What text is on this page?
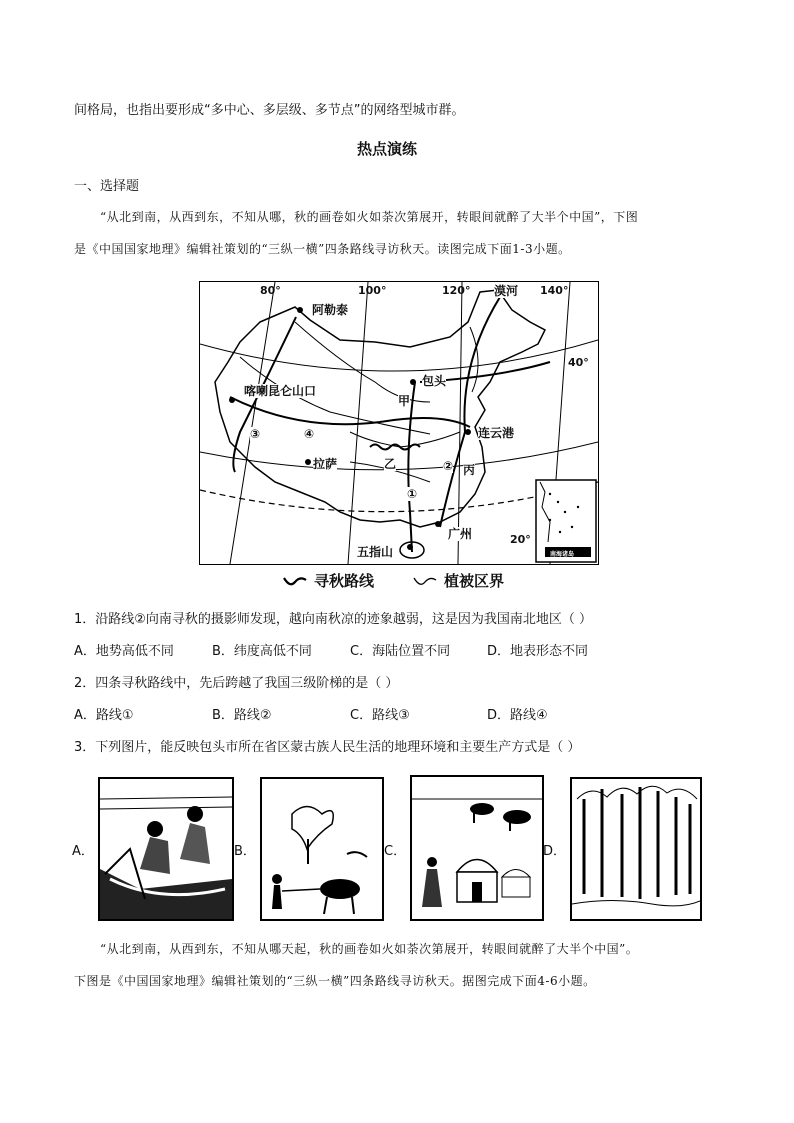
间格局，也指出要形成“多中心、多层级、多节点”的网络型城市群。
热点演练
一、选择题
“从北到南，从西到东，不知从哪，秋的画卷如火如荼次第展开，转眼间就醉了大半个中国”，下图
是《中国国家地理》编辑社策划的“三纵一横”四条路线寻访秋天。读图完成下面1-3小题。
80°	100°	120°	140°
40°
20°
阿勒泰
漠河
包头
甲
喀喇昆仑山口
连云港
③	④
拉萨	乙	② 丙
①
广州
五指山	南海诸岛
寻秋路线	植被区界
1．沿路线②向南寻秋的摄影师发现，越向南秋凉的迹象越弱，这是因为我国南北地区（ ）
A．地势高低不同	B．纬度高低不同	C．海陆位置不同	D．地表形态不同
2．四条寻秋路线中，先后跨越了我国三级阶梯的是（ ）
A．路线①	B．路线②	C．路线③	D．路线④
3．下列图片，能反映包头市所在省区蒙古族人民生活的地理环境和主要生产方式是（ ）
A．	B．	C．	D．
“从北到南，从西到东，不知从哪天起，秋的画卷如火如荼次第展开，转眼间就醉了大半个中国”。
下图是《中国国家地理》编辑社策划的“三纵一横”四条路线寻访秋天。据图完成下面4-6小题。
